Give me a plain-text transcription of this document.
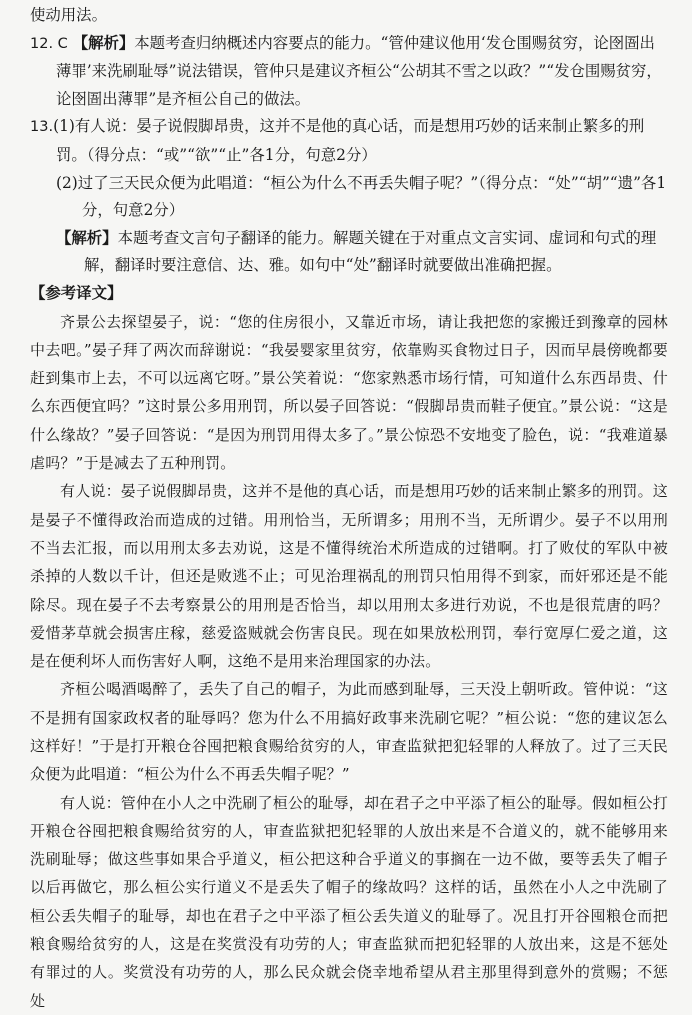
使动用法。

12. C 【解析】本题考查归纳概述内容要点的能力。“管仲建议他用‘发仓围赐贫穷，论囹圄出薄罪’来洗刷耻辱”说法错误，管仲只是建议齐桓公“公胡其不雪之以政？”“发仓围赐贫穷，论囹圄出薄罪”是齐桓公自己的做法。

13.(1)有人说：晏子说假脚昂贵，这并不是他的真心话，而是想用巧妙的话来制止繁多的刑罚。（得分点：“或”“欲”“止”各1分，句意2分）

(2)过了三天民众便为此唱道：“桓公为什么不再丢失帽子呢？”（得分点：“处”“胡”“遗”各1分，句意2分）

【解析】本题考查文言句子翻译的能力。解题关键在于对重点文言实词、虚词和句式的理解，翻译时要注意信、达、雅。如句中“处”翻译时就要做出准确把握。

【参考译文】

齐景公去探望晏子，说：“您的住房很小，又靠近市场，请让我把您的家搬迁到豫章的园林中去吧。”晏子拜了两次而辞谢说：“我晏婴家里贫穷，依靠购买食物过日子，因而早晨傍晚都要赶到集市上去，不可以远离它呀。”景公笑着说：“您家熟悉市场行情，可知道什么东西昂贵、什么东西便宜吗？”这时景公多用刑罚，所以晏子回答说：“假脚昂贵而鞋子便宜。”景公说：“这是什么缘故？”晏子回答说：“是因为刑罚用得太多了。”景公惊恐不安地变了脸色，说：“我难道暴虐吗？”于是减去了五种刑罚。

有人说：晏子说假脚昂贵，这并不是他的真心话，而是想用巧妙的话来制止繁多的刑罚。这是晏子不懂得政治而造成的过错。用刑恰当，无所谓多；用刑不当，无所谓少。晏子不以用刑不当去汇报，而以用刑太多去劝说，这是不懂得统治术所造成的过错啊。打了败仗的军队中被杀掉的人数以千计，但还是败逃不止；可见治理祸乱的刑罚只怕用得不到家，而奸邪还是不能除尽。现在晏子不去考察景公的用刑是否恰当，却以用刑太多进行劝说，不也是很荒唐的吗？爱惜茅草就会损害庄稼，慈爱盗贼就会伤害良民。现在如果放松刑罚，奉行宽厚仁爱之道，这是在便利坏人而伤害好人啊，这绝不是用来治理国家的办法。

齐桓公喝酒喝醉了，丢失了自己的帽子，为此而感到耻辱，三天没上朝听政。管仲说：“这不是拥有国家政权者的耻辱吗？您为什么不用搞好政事来洗刷它呢？”桓公说：“您的建议怎么这样好！”于是打开粮仓谷囤把粮食赐给贫穷的人，审查监狱把犯轻罪的人释放了。过了三天民众便为此唱道：“桓公为什么不再丢失帽子呢？”

有人说：管仲在小人之中洗刷了桓公的耻辱，却在君子之中平添了桓公的耻辱。假如桓公打开粮仓谷囤把粮食赐给贫穷的人，审查监狱把犯轻罪的人放出来是不合道义的，就不能够用来洗刷耻辱；做这些事如果合乎道义，桓公把这种合乎道义的事搁在一边不做，要等丢失了帽子以后再做它，那么桓公实行道义不是丢失了帽子的缘故吗？这样的话，虽然在小人之中洗刷了桓公丢失帽子的耻辱，却也在君子之中平添了桓公丢失道义的耻辱了。况且打开谷囤粮仓而把粮食赐给贫穷的人，这是在奖赏没有功劳的人；审查监狱而把犯轻罪的人放出来，这是不惩处有罪过的人。奖赏没有功劳的人，那么民众就会侥幸地希望从君主那里得到意外的赏赐；不惩处
